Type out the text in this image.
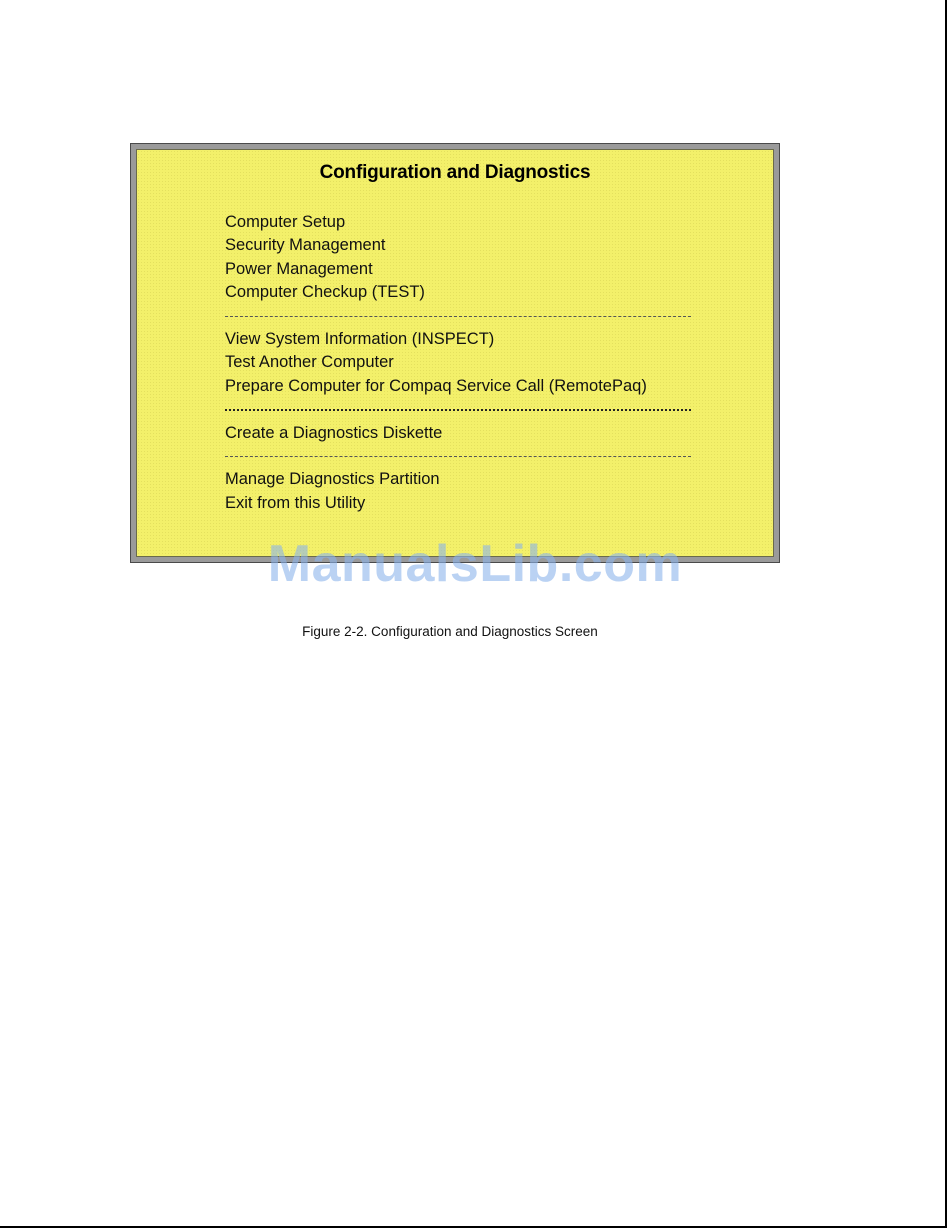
Configuration and Diagnostics
Computer Setup
Security Management
Power Management
Computer Checkup (TEST)
View System Information (INSPECT)
Test Another Computer
Prepare Computer for Compaq Service Call (RemotePaq)
Create a Diagnostics Diskette
Manage Diagnostics Partition
Exit from this Utility
ManualsLib.com
Figure 2-2. Configuration and Diagnostics Screen
